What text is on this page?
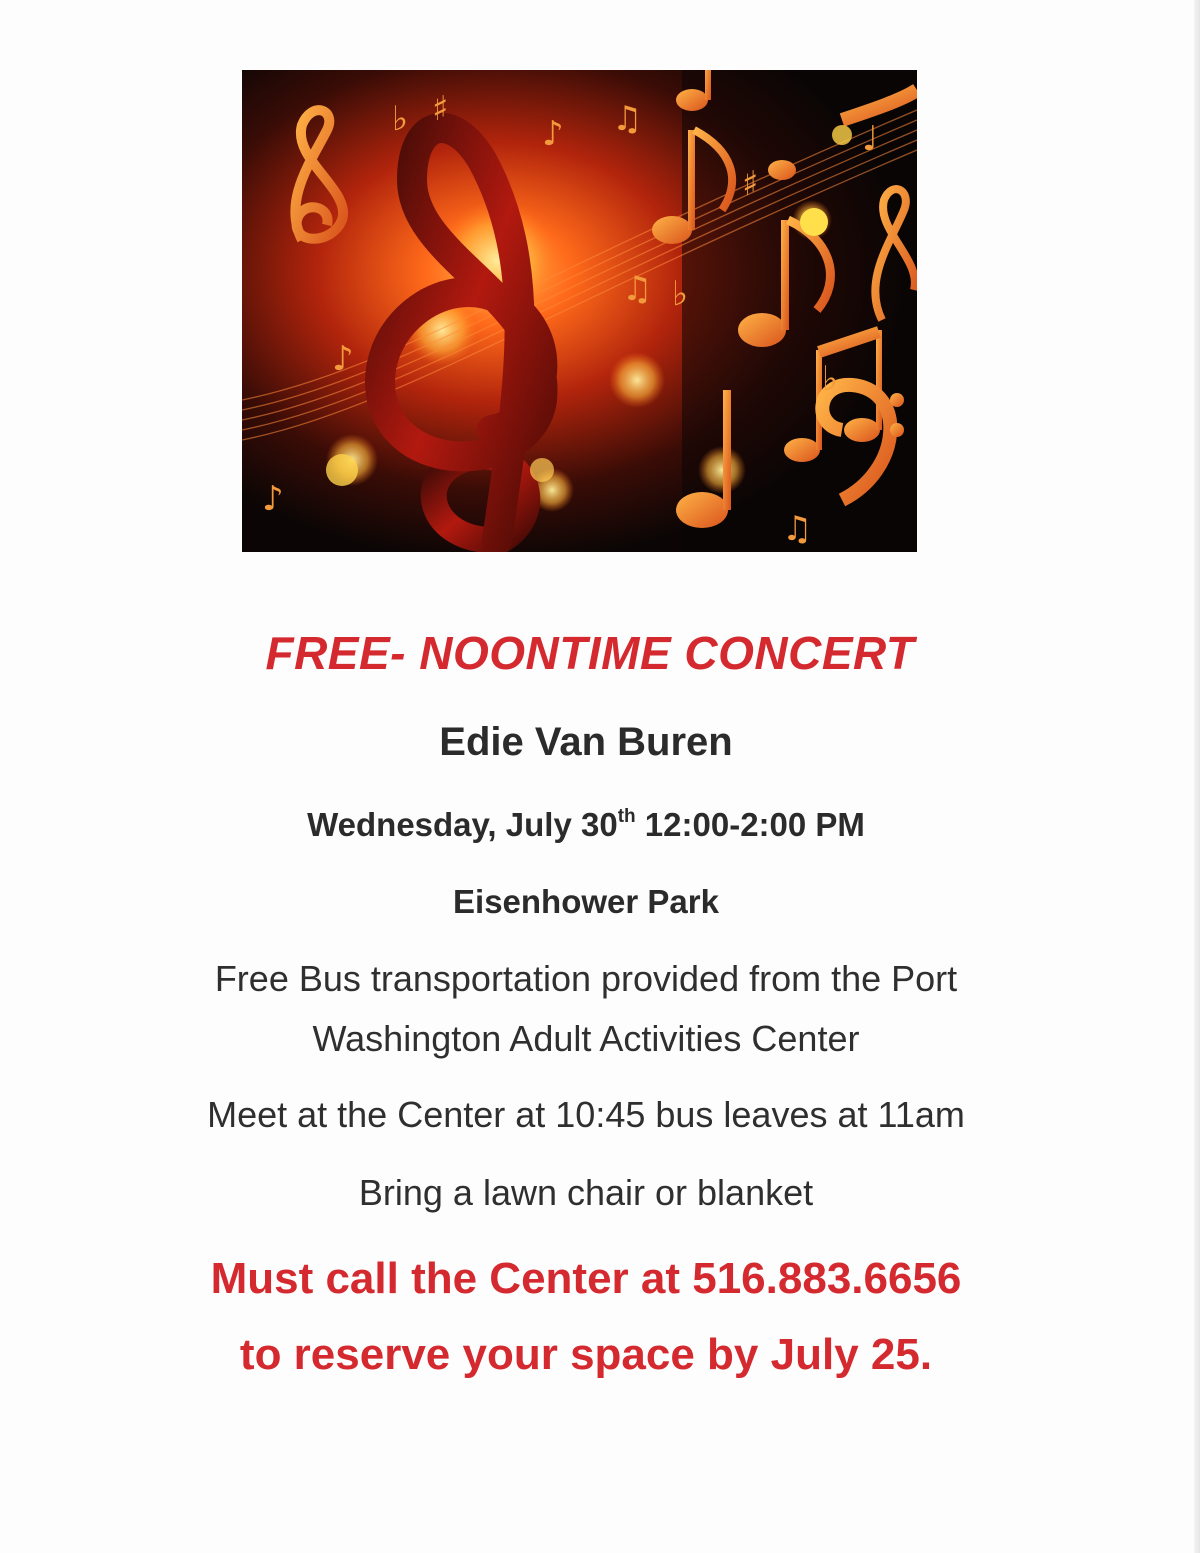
♭ ♯
♪ ♫
♯
♩
♪
♫ ♭
♭
♫
♪
FREE- NOONTIME CONCERT
Edie Van Buren
Wednesday, July 30th 12:00-2:00 PM
Eisenhower Park
Free Bus transportation provided from the Port
Washington Adult Activities Center
Meet at the Center at 10:45 bus leaves at 11am
Bring a lawn chair or blanket
Must call the Center at 516.883.6656
to reserve your space by July 25.
